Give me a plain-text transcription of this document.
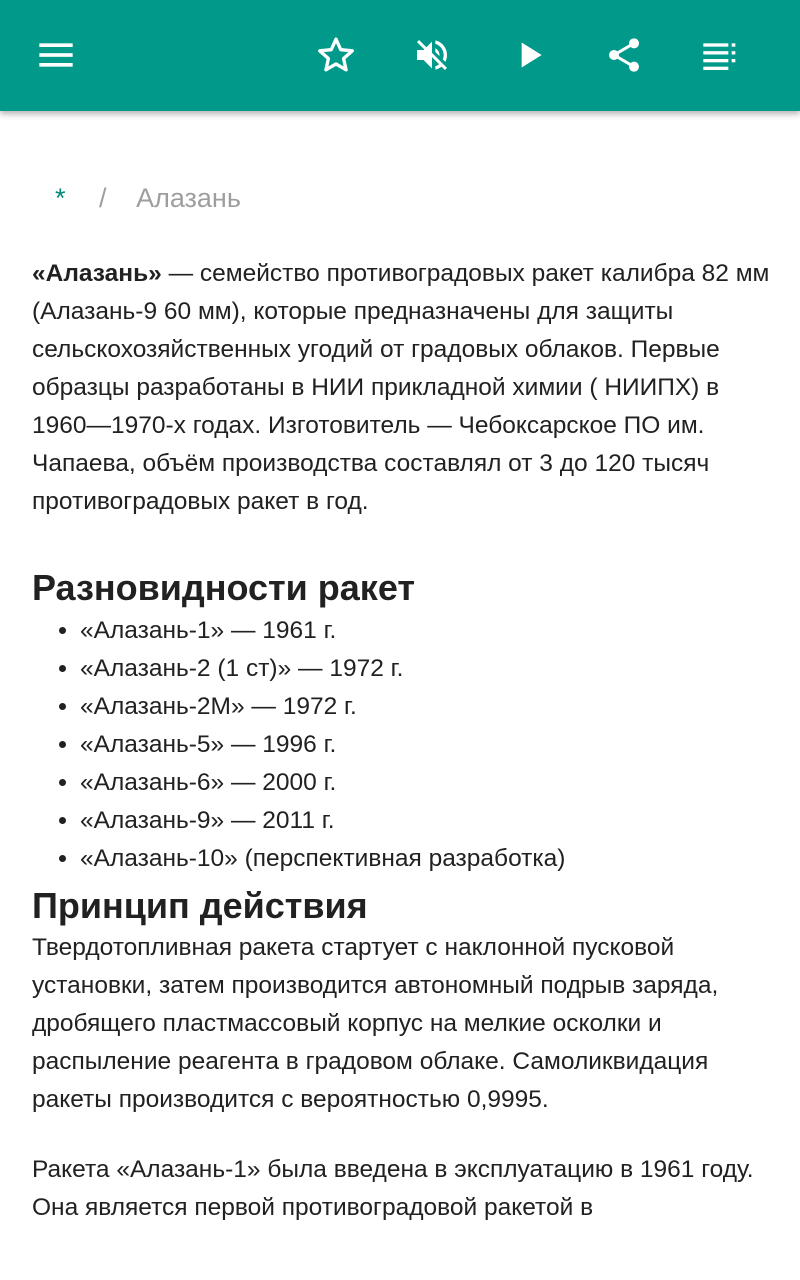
* / Алазань

«Алазань» — семейство противоградовых ракет калибра 82 мм (Алазань-9 60 мм), которые предназначены для защиты сельскохозяйственных угодий от градовых облаков. Первые образцы разработаны в НИИ прикладной химии ( НИИПХ) в 1960—1970-х годах. Изготовитель — Чебоксарское ПО им. Чапаева, объём производства составлял от 3 до 120 тысяч противоградовых ракет в год.

Разновидности ракет
• «Алазань-1» — 1961 г.
• «Алазань-2 (1 ст)» — 1972 г.
• «Алазань-2М» — 1972 г.
• «Алазань-5» — 1996 г.
• «Алазань-6» — 2000 г.
• «Алазань-9» — 2011 г.
• «Алазань-10» (перспективная разработка)
Принцип действия

Твердотопливная ракета стартует с наклонной пусковой установки, затем производится автономный подрыв заряда, дробящего пластмассовый корпус на мелкие осколки и распыление реагента в градовом облаке. Самоликвидация ракеты производится с вероятностью 0,9995.

Ракета «Алазань-1» была введена в эксплуатацию в 1961 году. Она является первой противоградовой ракетой в
